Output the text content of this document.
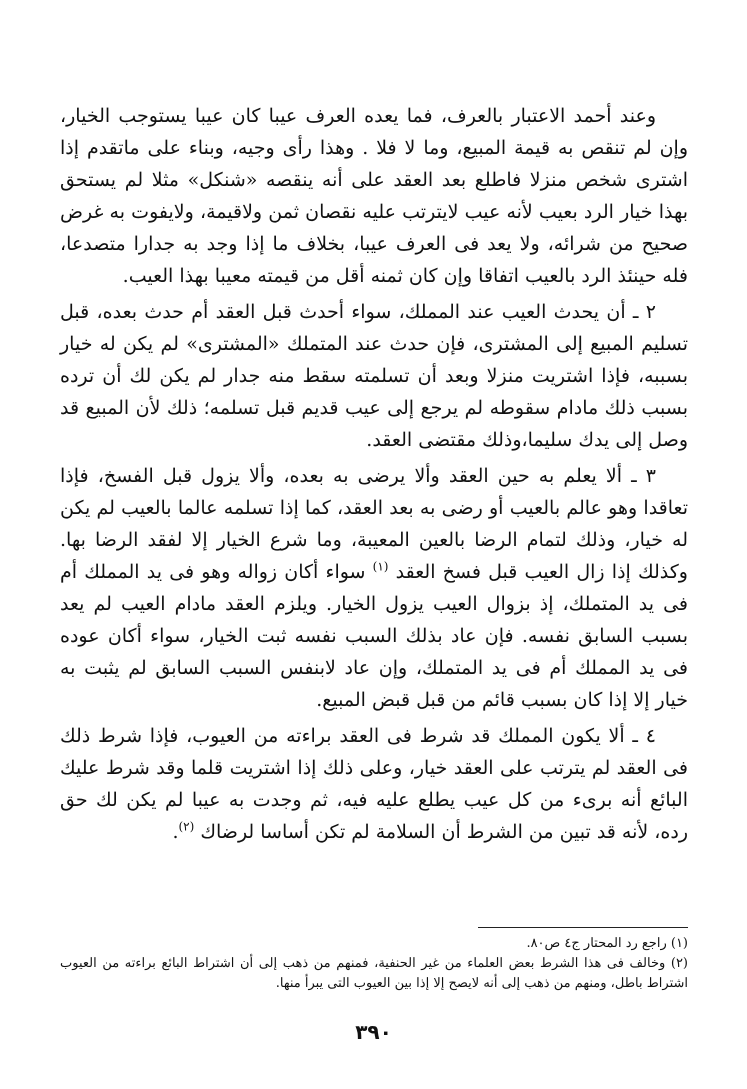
وعند أحمد الاعتبار بالعرف، فما يعده العرف عيبا كان عيبا يستوجب الخيار، وإن لم تنقص به قيمة المبيع، وما لا فلا . وهذا رأى وجيه، وبناء على ماتقدم إذا اشترى شخص منزلا فاطلع بعد العقد على أنه ينقصه «شنكل» مثلا لم يستحق بهذا خيار الرد بعيب لأنه عيب لايترتب عليه نقصان ثمن ولاقيمة، ولايفوت به غرض صحيح من شرائه، ولا يعد فى العرف عيبا، بخلاف ما إذا وجد به جدارا متصدعا، فله حينئذ الرد بالعيب اتفاقا وإن كان ثمنه أقل من قيمته معيبا بهذا العيب.

٢ ـ أن يحدث العيب عند المملك، سواء أحدث قبل العقد أم حدث بعده، قبل تسليم المبيع إلى المشترى، فإن حدث عند المتملك «المشترى» لم يكن له خيار بسببه، فإذا اشتريت منزلا وبعد أن تسلمته سقط منه جدار لم يكن لك أن ترده بسبب ذلك مادام سقوطه لم يرجع إلى عيب قديم قبل تسلمه؛ ذلك لأن المبيع قد وصل إلى يدك سليما،وذلك مقتضى العقد.

٣ ـ ألا يعلم به حين العقد وألا يرضى به بعده، وألا يزول قبل الفسخ، فإذا تعاقدا وهو عالم بالعيب أو رضى به بعد العقد، كما إذا تسلمه عالما بالعيب لم يكن له خيار، وذلك لتمام الرضا بالعين المعيبة، وما شرع الخيار إلا لفقد الرضا بها. وكذلك إذا زال العيب قبل فسخ العقد $^{(١)}$ سواء أكان زواله وهو فى يد المملك أم فى يد المتملك، إذ بزوال العيب يزول الخيار. ويلزم العقد مادام العيب لم يعد بسبب السابق نفسه. فإن عاد بذلك السبب نفسه ثبت الخيار، سواء أكان عوده فى يد المملك أم فى يد المتملك، وإن عاد لابنفس السبب السابق لم يثبت به خيار إلا إذا كان بسبب قائم من قبل قبض المبيع.

٤ ـ ألا يكون المملك قد شرط فى العقد براءته من العيوب، فإذا شرط ذلك فى العقد لم يترتب على العقد خيار، وعلى ذلك إذا اشتريت قلما وقد شرط عليك البائع أنه برىء من كل عيب يطلع عليه فيه، ثم وجدت به عيبا لم يكن لك حق رده، لأنه قد تبين من الشرط أن السلامة لم تكن أساسا لرضاك $^{(٢)}$.

(١) راجع رد المحتار ج٤ ص٨٠.

(٢) وخالف فى هذا الشرط بعض العلماء من غير الحنفية، فمنهم من ذهب إلى أن اشتراط البائع براءته من العيوب اشتراط باطل، ومنهم من ذهب إلى أنه لايصح إلا إذا بين العيوب التى يبرأ منها.

٣٩٠
